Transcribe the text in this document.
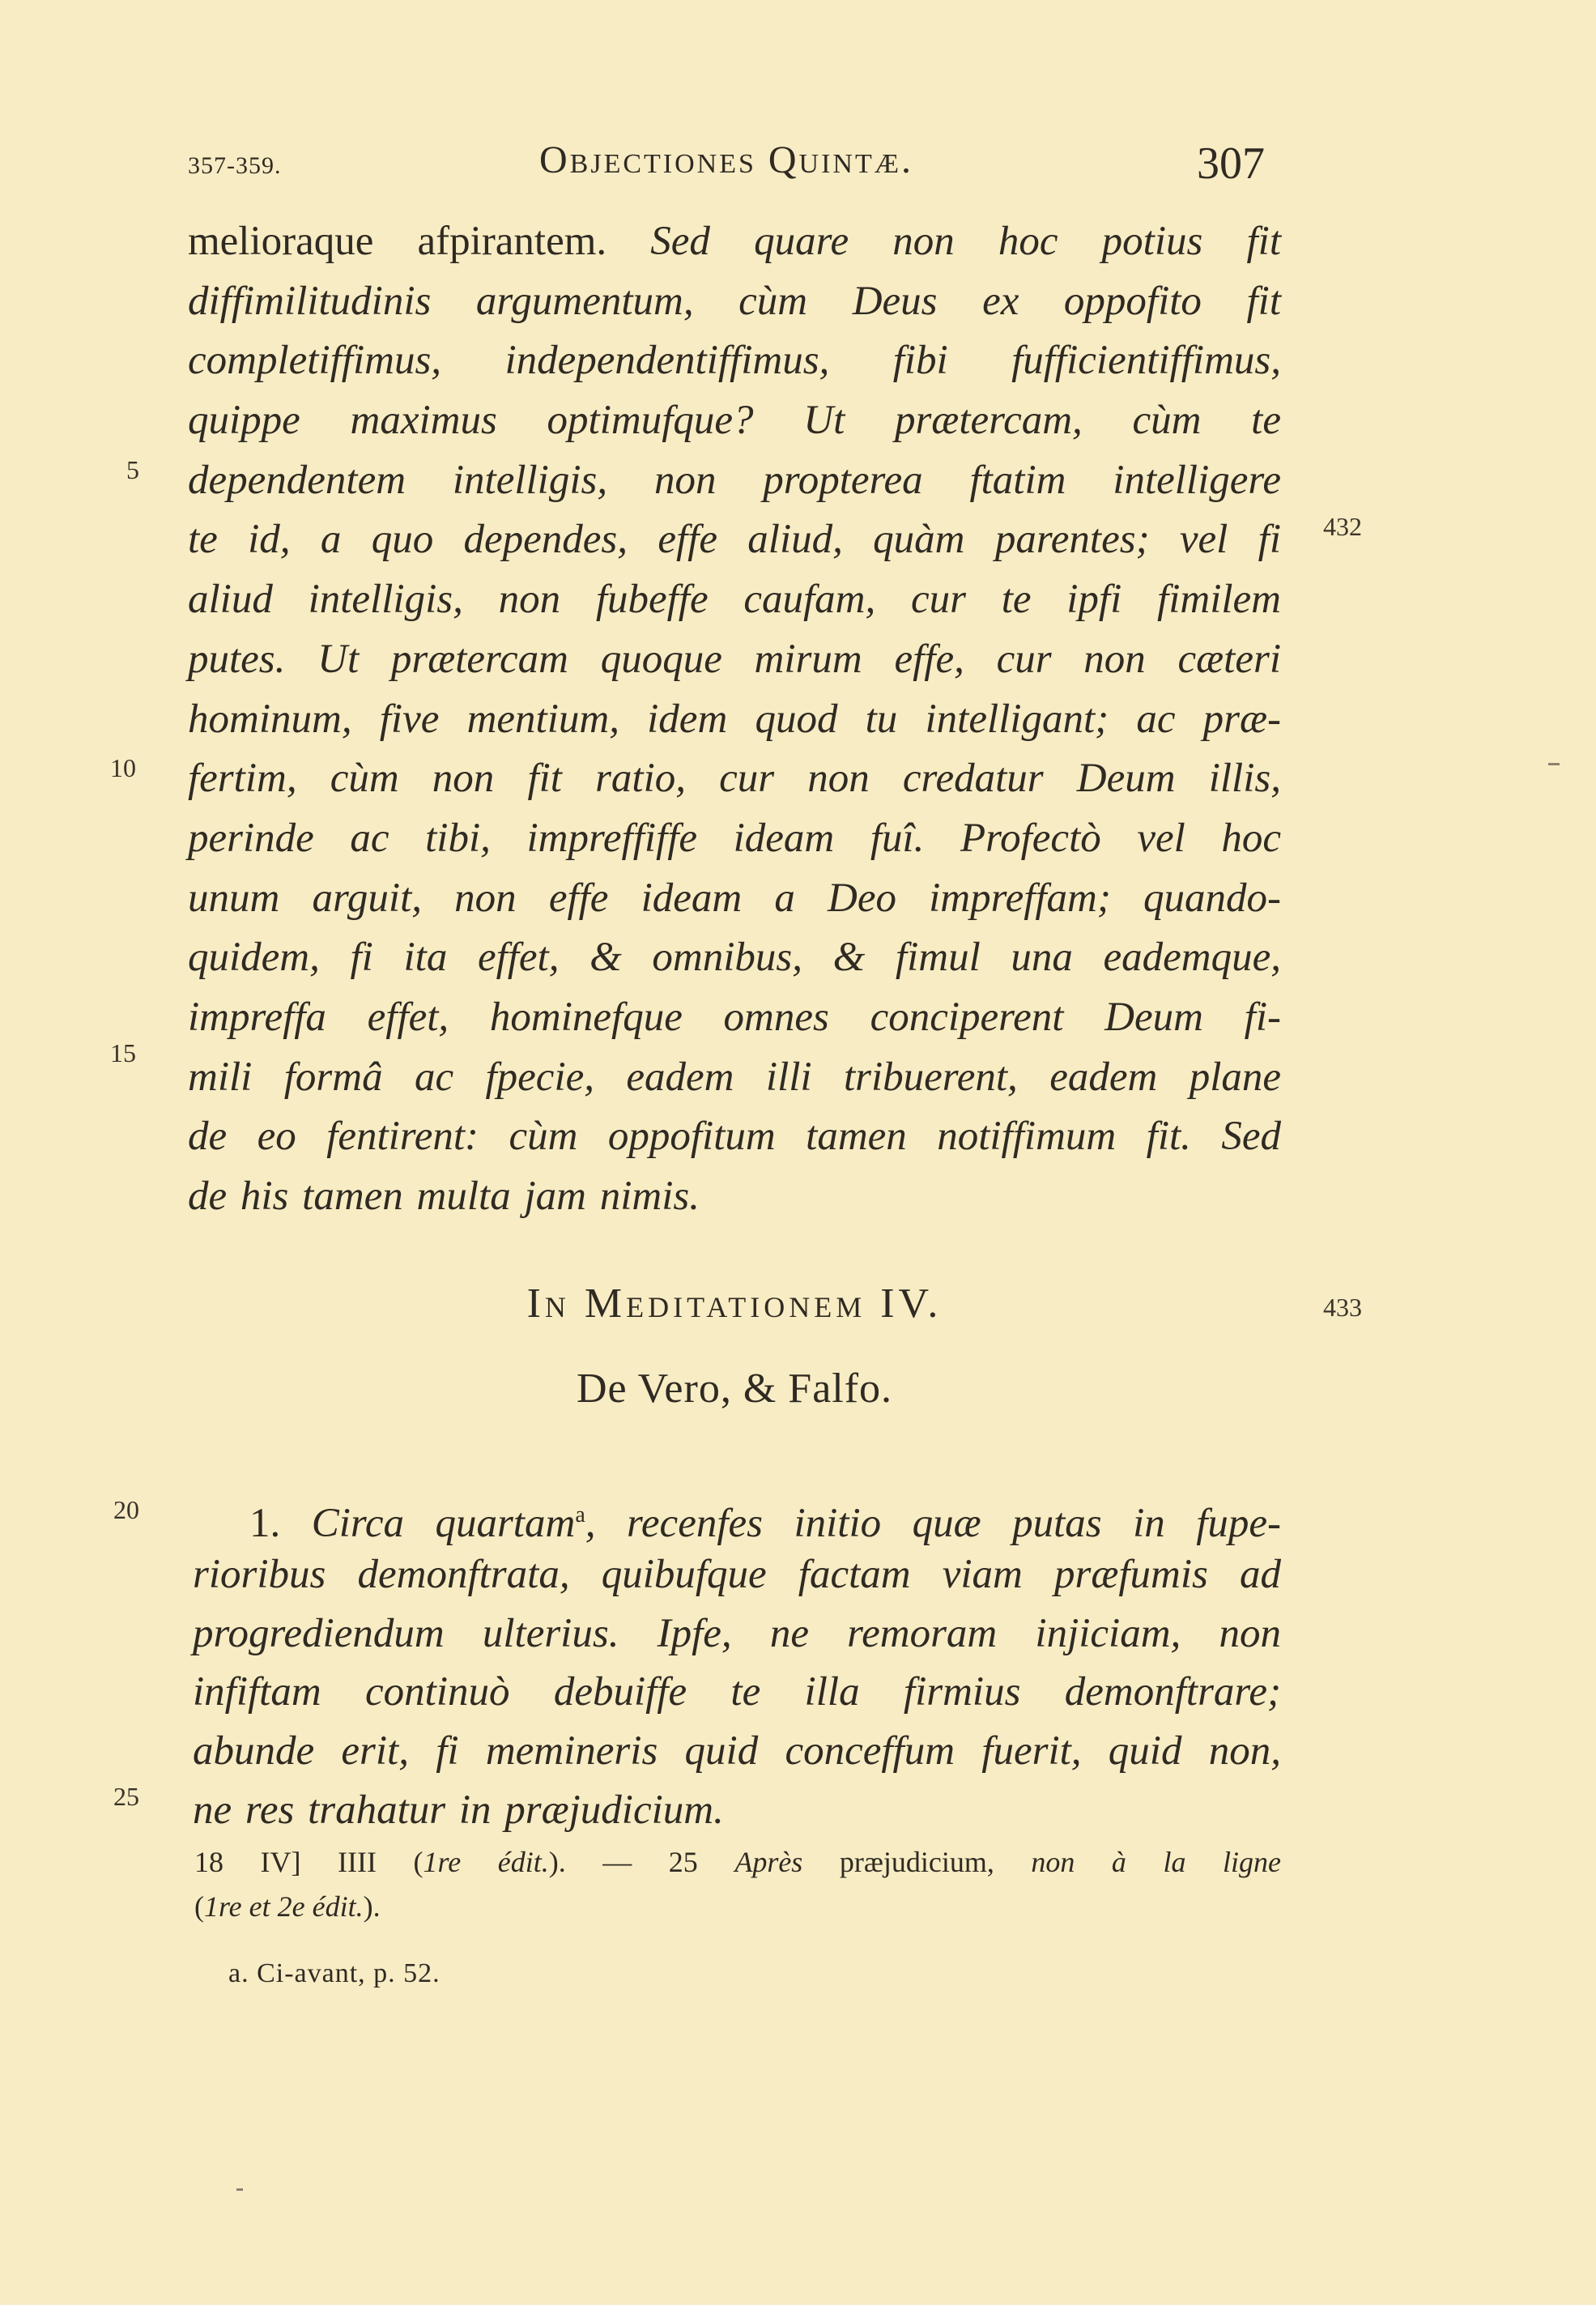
357-359.	Objectiones Quintæ.	307
melioraque afpirantem. Sed quare non hoc potius fit
diffimilitudinis argumentum, cùm Deus ex oppofito fit
completiffimus, independentiffimus, fibi fufficientiffimus,
quippe maximus optimufque? Ut prætercam, cùm te
dependentem intelligis, non propterea ftatim intelligere
te id, a quo dependes, effe aliud, quàm parentes; vel fi
aliud intelligis, non fubeffe caufam, cur te ipfi fimilem
putes. Ut prætercam quoque mirum effe, cur non cæteri
hominum, five mentium, idem quod tu intelligant; ac præ-
fertim, cùm non fit ratio, cur non credatur Deum illis,
perinde ac tibi, impreffiffe ideam fuî. Profectò vel hoc
unum arguit, non effe ideam a Deo impreffam; quando-
quidem, fi ita effet, & omnibus, & fimul una eademque,
impreffa effet, hominefque omnes conciperent Deum fi-
mili formâ ac fpecie, eadem illi tribuerent, eadem plane
de eo fentirent: cùm oppofitum tamen notiffimum fit. Sed
de his tamen multa jam nimis.
5
10
15
432
In Meditationem IV.	433
De Vero, & Falfo.
1. Circa quartam$^a$, recenfes initio quæ putas in fupe-
rioribus demonftrata, quibufque factam viam præfumis ad
progrediendum ulterius. Ipfe, ne remoram injiciam, non
infiftam continuò debuiffe te illa firmius demonftrare;
abunde erit, fi memineris quid conceffum fuerit, quid non,
ne res trahatur in præjudicium.
20
25
18 IV] IIII (1re édit.). — 25 Après præjudicium, non à la ligne
(1re et 2e édit.).
a. Ci-avant, p. 52.
